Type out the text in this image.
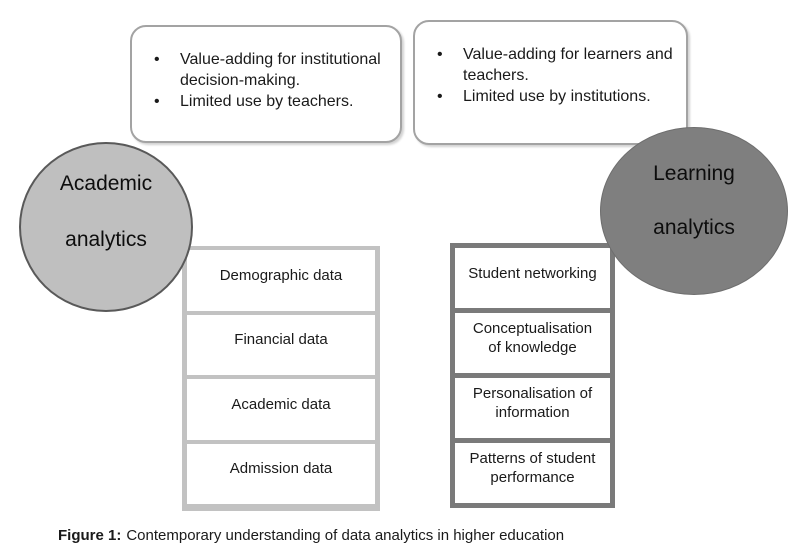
•	Value-adding for institutional decision-making.
•	Limited use by teachers.
•	Value-adding for learners and teachers.
•	Limited use by institutions.
Academic
analytics
Learning
analytics
Demographic data
Financial data
Academic data
Admission data
Student networking
Conceptualisation of knowledge
Personalisation of information
Patterns of student performance
Figure 1: Contemporary understanding of data analytics in higher education
